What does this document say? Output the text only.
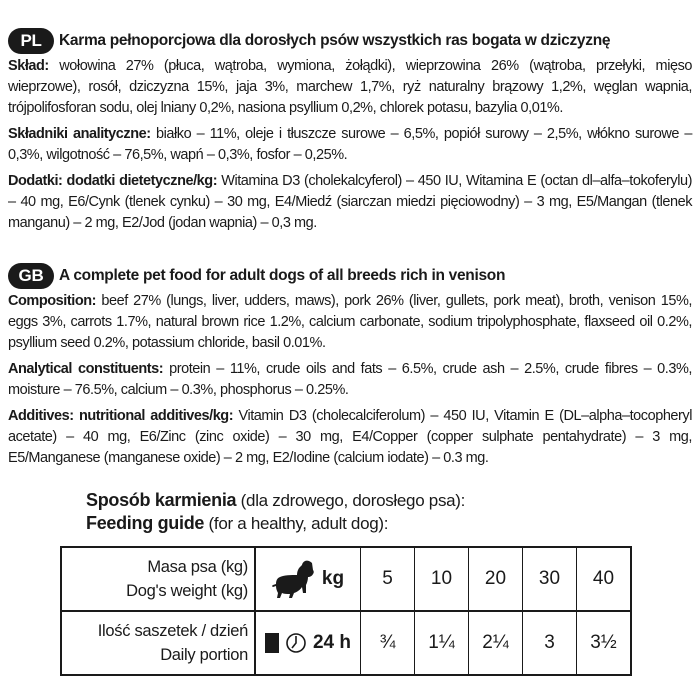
PL	Karma pełnoporcjowa dla dorosłych psów wszystkich ras bogata w dziczyznę

Skład: wołowina 27% (płuca, wątroba, wymiona, żołądki), wieprzowina 26% (wątroba, przełyki, mięso wieprzowe), rosół, dziczyzna 15%, jaja 3%, marchew 1,7%, ryż naturalny brązowy 1,2%, węglan wapnia, trójpolifosforan sodu, olej lniany 0,2%, nasiona psyllium 0,2%, chlorek potasu, bazylia 0,01%.

Składniki analityczne: białko – 11%, oleje i tłuszcze surowe – 6,5%, popiół surowy – 2,5%, włókno surowe – 0,3%, wilgotność – 76,5%, wapń – 0,3%, fosfor – 0,25%.

Dodatki: dodatki dietetyczne/kg: Witamina D3 (cholekalcyferol) – 450 IU, Witamina E (octan dl–alfa–tokoferylu) – 40 mg, E6/Cynk (tlenek cynku) – 30 mg, E4/Miedź (siarczan miedzi pięciowodny) – 3 mg, E5/Mangan (tlenek manganu) – 2 mg, E2/Jod (jodan wapnia) – 0,3 mg.

GB	A complete pet food for adult dogs of all breeds rich in venison

Composition: beef 27% (lungs, liver, udders, maws), pork 26% (liver, gullets, pork meat), broth, venison 15%, eggs 3%, carrots 1.7%, natural brown rice 1.2%, calcium carbonate, sodium tripolyphosphate, flaxseed oil 0.2%, psyllium seed 0.2%, potassium chloride, basil 0.01%.

Analytical constituents: protein – 11%, crude oils and fats – 6.5%, crude ash – 2.5%, crude fibres – 0.3%, moisture – 76.5%, calcium – 0.3%, phosphorus – 0.25%.

Additives: nutritional additives/kg: Vitamin D3 (cholecalciferolum) – 450 IU, Vitamin E (DL–alpha–tocopheryl acetate) – 40 mg, E6/Zinc (zinc oxide) – 30 mg, E4/Copper (copper sulphate pentahydrate) – 3 mg, E5/Manganese (manganese oxide) – 2 mg, E2/Iodine (calcium iodate) – 0.3 mg.

Sposób karmienia (dla zdrowego, dorosłego psa):
Feeding guide (for a healthy, adult dog):
Masa psa (kg)
Dog's weight (kg)	kg	5	10	20	30	40

Ilość saszetek / dzień
Daily portion	24 h	¾	1¼	2¼	3	3½
